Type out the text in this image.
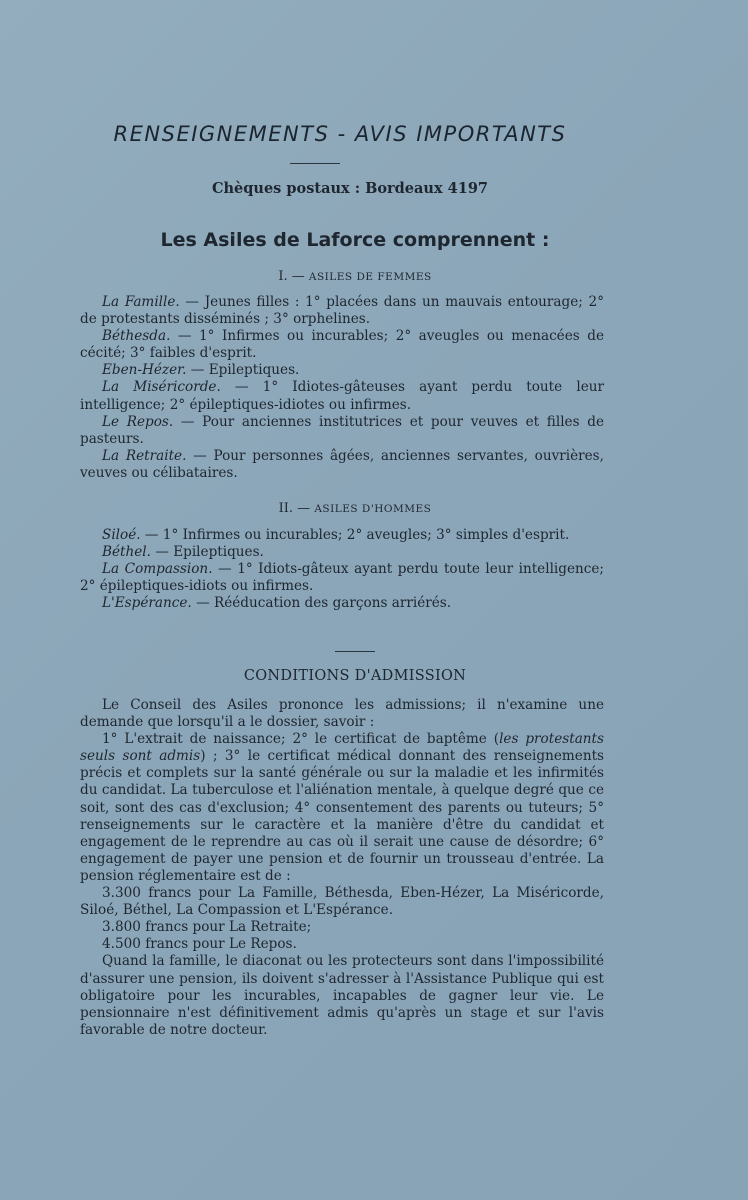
RENSEIGNEMENTS - AVIS IMPORTANTS
Chèques postaux : Bordeaux 4197
Les Asiles de Laforce comprennent :
I. — ASILES DE FEMMES

La Famille. — Jeunes filles : 1° placées dans un mauvais entourage; 2° de protestants disséminés ; 3° orphelines.

Béthesda. — 1° Infirmes ou incurables; 2° aveugles ou menacées de cécité; 3° faibles d'esprit.

Eben-Hézer. — Epileptiques.

La Miséricorde. — 1° Idiotes-gâteuses ayant perdu toute leur intelligence; 2° épileptiques-idiotes ou infirmes.

Le Repos. — Pour anciennes institutrices et pour veuves et filles de pasteurs.

La Retraite. — Pour personnes âgées, anciennes servantes, ouvrières, veuves ou célibataires.

II. — ASILES D'HOMMES

Siloé. — 1° Infirmes ou incurables; 2° aveugles; 3° simples d'esprit.

Béthel. — Epileptiques.

La Compassion. — 1° Idiots-gâteux ayant perdu toute leur intelligence; 2° épileptiques-idiots ou infirmes.

L'Espérance. — Rééducation des garçons arriérés.

CONDITIONS D'ADMISSION

Le Conseil des Asiles prononce les admissions; il n'examine une demande que lorsqu'il a le dossier, savoir :

1° L'extrait de naissance; 2° le certificat de baptême (les protestants seuls sont admis) ; 3° le certificat médical donnant des renseignements précis et complets sur la santé générale ou sur la maladie et les infirmités du candidat. La tuberculose et l'aliénation mentale, à quelque degré que ce soit, sont des cas d'exclusion; 4° consentement des parents ou tuteurs; 5° renseignements sur le caractère et la manière d'être du candidat et engagement de le reprendre au cas où il serait une cause de désordre; 6° engagement de payer une pension et de fournir un trousseau d'entrée. La pension réglementaire est de :

3.300 francs pour La Famille, Béthesda, Eben-Hézer, La Miséricorde, Siloé, Béthel, La Compassion et L'Espérance.

3.800 francs pour La Retraite;

4.500 francs pour Le Repos.

Quand la famille, le diaconat ou les protecteurs sont dans l'impossibilité d'assurer une pension, ils doivent s'adresser à l'Assistance Publique qui est obligatoire pour les incurables, incapables de gagner leur vie. Le pensionnaire n'est définitivement admis qu'après un stage et sur l'avis favorable de notre docteur.
